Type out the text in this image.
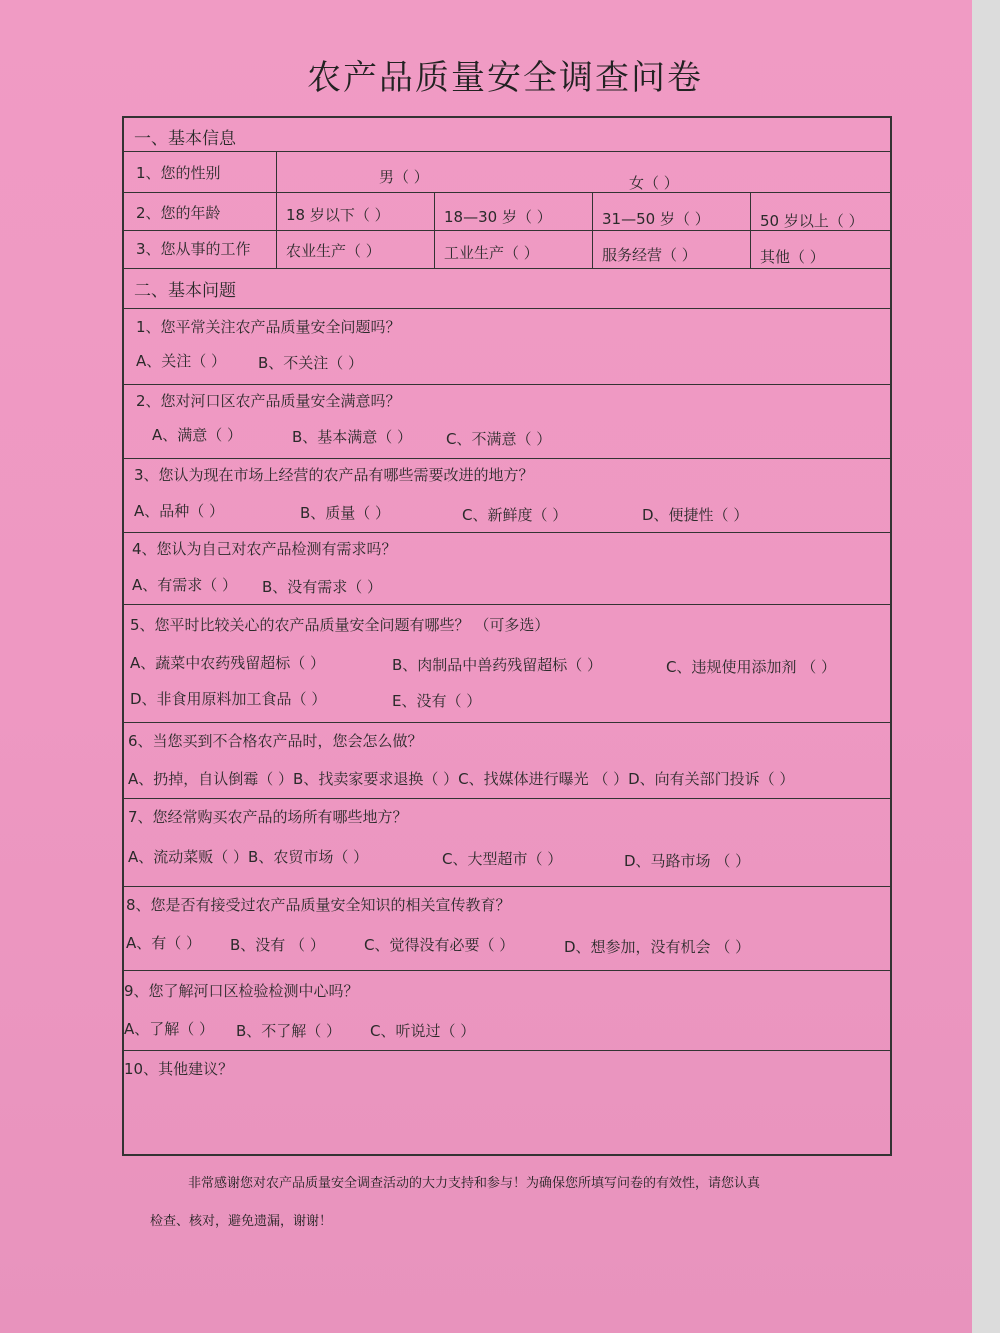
农产品质量安全调查问卷
一、基本信息
1、您的性别	男（ ）	女（ ）
2、您的年龄	18 岁以下（ ）	18—30 岁（ ）	31—50 岁（ ）	50 岁以上（ ）
3、您从事的工作 农业生产（ ）	工业生产（ ）	服务经营（ ）	其他（ ）
二、基本问题
1、您平常关注农产品质量安全问题吗？
A、关注（ ） B、不关注（ ）
2、您对河口区农产品质量安全满意吗？
A、满意（ ）	B、基本满意（ ） C、不满意（ ）
3、您认为现在市场上经营的农产品有哪些需要改进的地方？
A、品种（ ）	B、质量（ ）	C、新鲜度（ ）	D、便捷性（ ）
4、您认为自己对农产品检测有需求吗？
A、有需求（ ） B、没有需求（ ）
5、您平时比较关心的农产品质量安全问题有哪些？ （可多选）
A、蔬菜中农药残留超标（ ）	B、肉制品中兽药残留超标（ ）	C、违规使用添加剂 （ ）
D、非食用原料加工食品（ ）	E、没有（ ）
6、当您买到不合格农产品时，您会怎么做？
A、扔掉，自认倒霉（ ）B、找卖家要求退换（ ）C、找媒体进行曝光 （ ）D、向有关部门投诉（ ）
7、您经常购买农产品的场所有哪些地方？
A、流动菜贩（ ）B、农贸市场（ ）	C、大型超市（ ）	D、马路市场 （ ）
8、您是否有接受过农产品质量安全知识的相关宣传教育？
A、有（ ） B、没有 （ ）	C、觉得没有必要（ ）	D、想参加，没有机会 （ ）
9、您了解河口区检验检测中心吗？
A、了解（ ） B、不了解（ ） C、听说过（ ）
10、其他建议？
非常感谢您对农产品质量安全调查活动的大力支持和参与！为确保您所填写问卷的有效性，请您认真
检查、核对，避免遗漏，谢谢！
